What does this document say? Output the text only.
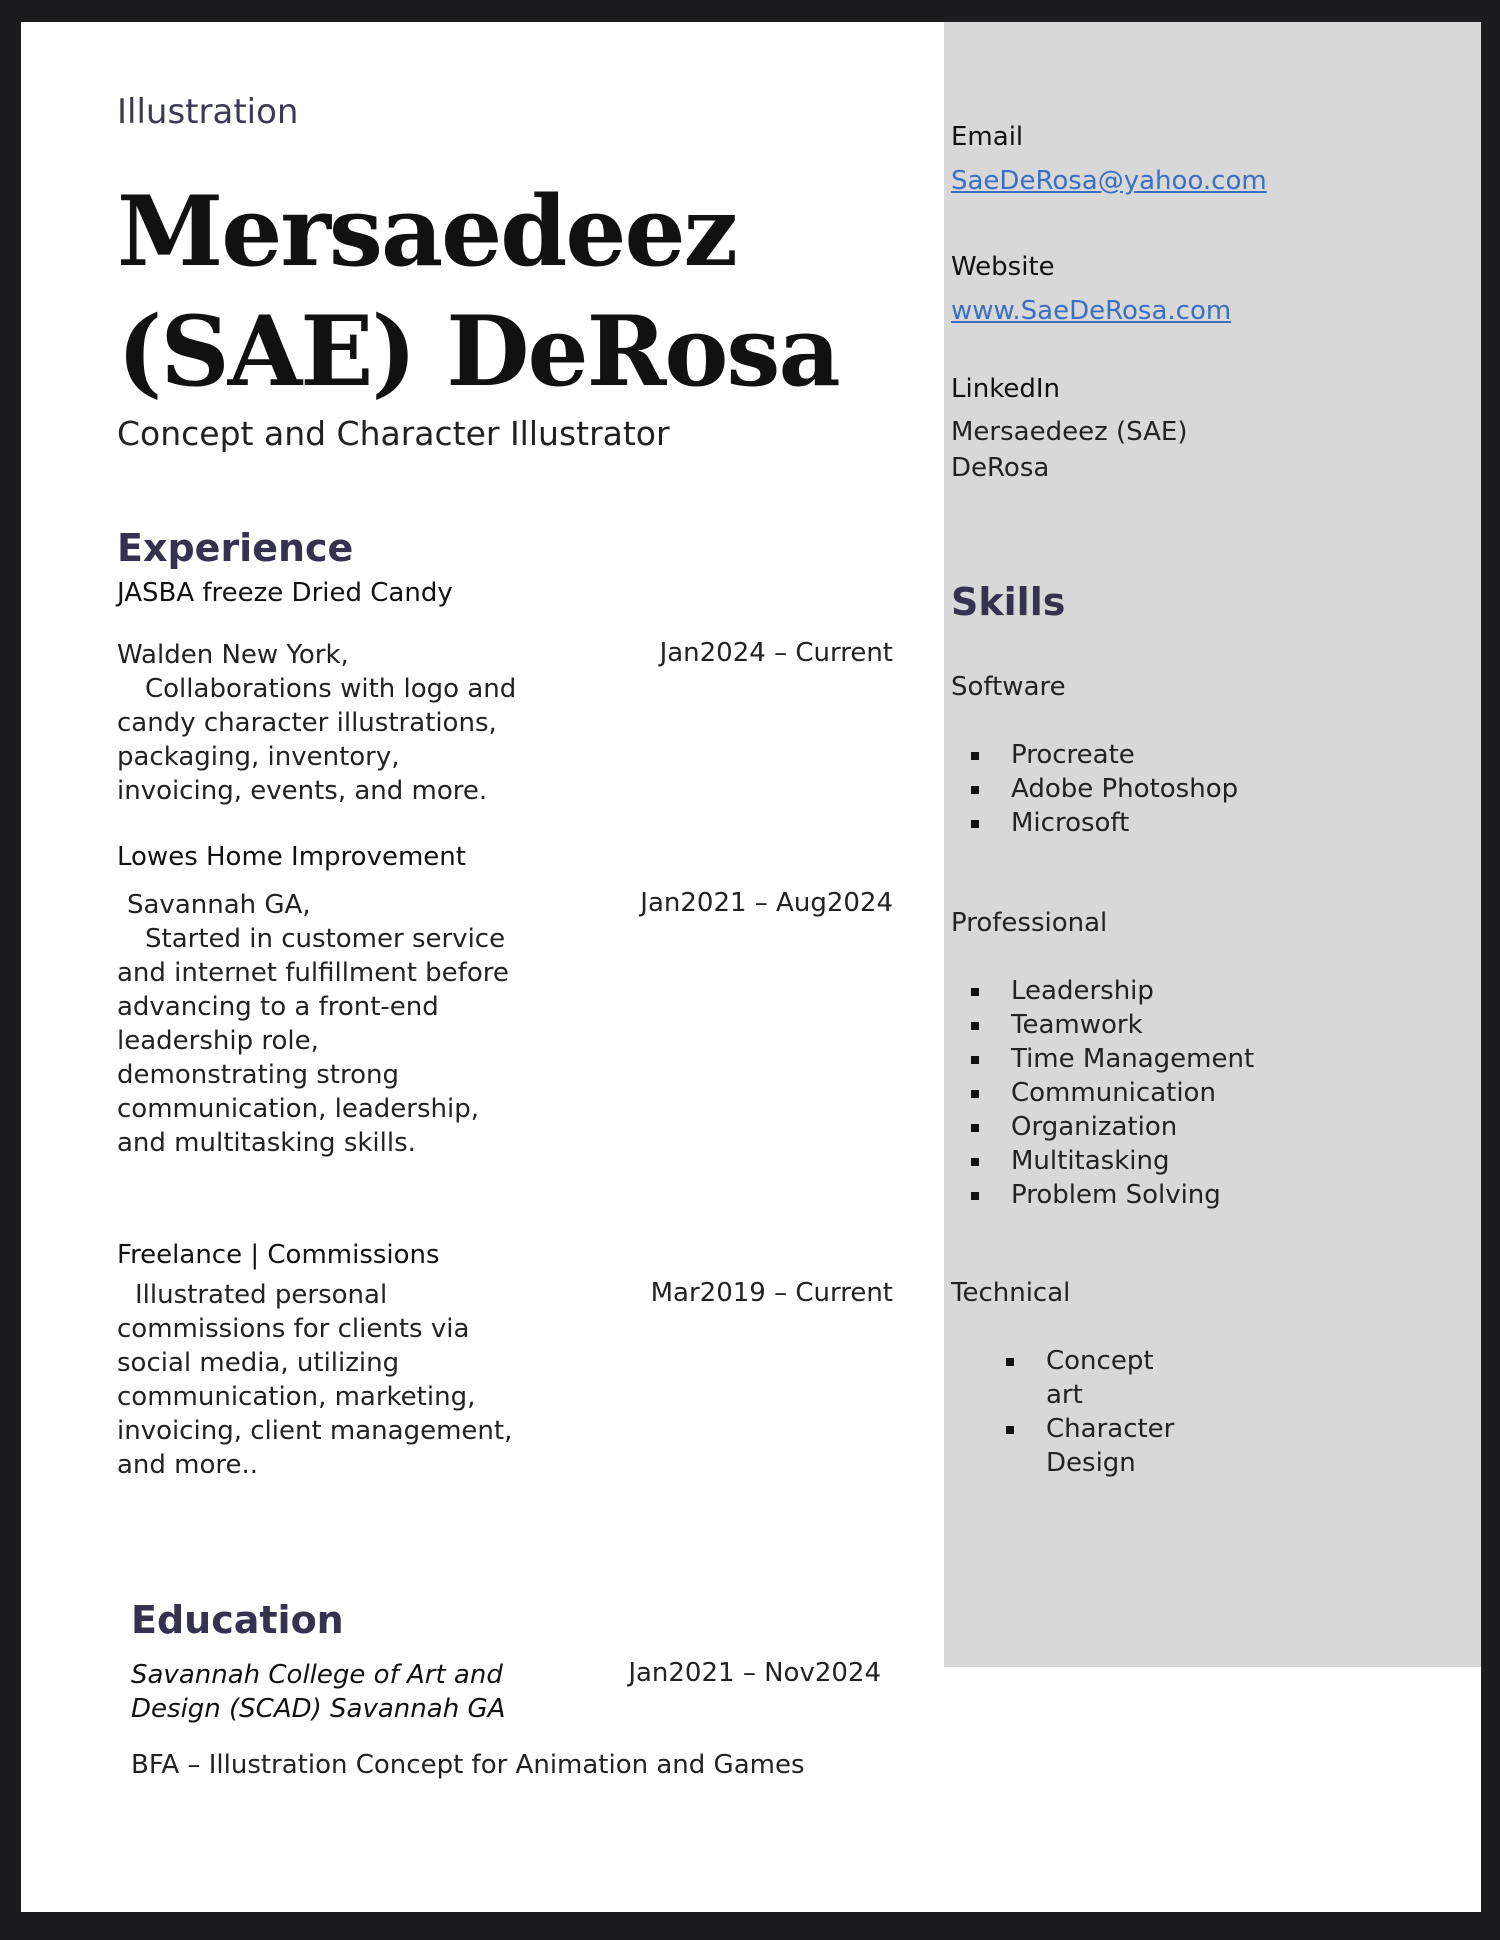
Illustration
Mersaedeez
(SAE) DeRosa
Concept and Character Illustrator
Experience
JASBA freeze Dried Candy
Walden New York,	Jan2024 – Current
Collaborations with logo and candy character illustrations, packaging, inventory, invoicing, events, and more.
Lowes Home Improvement
Savannah GA,	Jan2021 – Aug2024
Started in customer service and internet fulfillment before advancing to a front-end leadership role, demonstrating strong communication, leadership, and multitasking skills.
Freelance | Commissions
Mar2019 – Current
Illustrated personal commissions for clients via social media, utilizing communication, marketing, invoicing, client management, and more..
Education
Savannah College of Art and Design (SCAD) Savannah GA
Jan2021 – Nov2024
BFA – Illustration Concept for Animation and Games
Email
SaeDeRosa@yahoo.com
Website
www.SaeDeRosa.com
LinkedIn
Mersaedeez (SAE) DeRosa
Skills
Software
Procreate
Adobe Photoshop
Microsoft
Professional
Leadership
Teamwork
Time Management
Communication
Organization
Multitasking
Problem Solving
Technical
Concept art
Character Design
